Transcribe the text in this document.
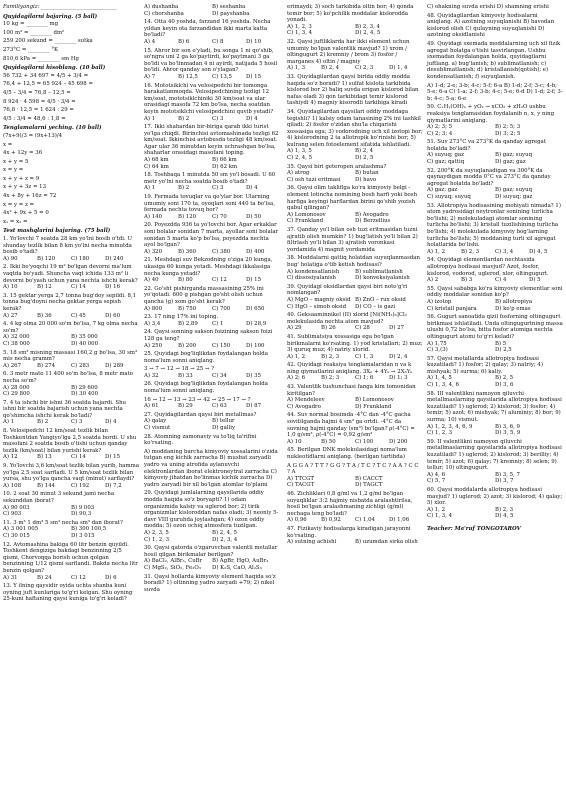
Familiyangiz: ____________________________
Quyidagilarni bajaring. (5 ball)
10 kg = ________ mg
100 m² = ________ dm²
259 200 sekund = ________ sutka
273°C = ________ °K
810,6 kPa = ________ sm Hg
Quyidagilarni hisoblang. (10 ball)
56 732 + 34 697 = 4/5 + 3/4 =
76,4 + 12,5 = 65 924 – 45 698 =
4/5 – 3/4 = 76,8 – 12,5 =
8 924 · 4 598 = 4/5 · 3/4 =
76,8 · 12,5 = 1 624 : 29 =
4/5 : 3/4 = 48,6 : 1,8 =
Tenglamalarni yeching. (10 ball)
(7x+9)/3 = (9x+13)/4
x =
4x + 12y = 36
x + y = 5
x = y =
x + y + z = 9
x + y + 3z = 13
4x + 8y + 16z = 72
x = y = z =
4x² + 9x + 5 = 0
x₁ = x₂ =
Test mashqlarini bajaring. (75 ball)
1. Yo'lovchi 7 soatda 28 km yo'lni bosib o'tdi. U shunday tezlik bilan 8 km yo'lni necha minutda bosib o'tadi?
A) 90	B) 120	C) 180	D) 240
2. Ikki bo'yoqchi 19 m² bo'lgan devorni ma'lum vaqtda bo'yadi. Shuncha vaqt ichida 133 m² li devorni bo'yash uchun yana nechta ishchi kerak?
A) 10	B) 12	C) 14	D) 16
3. 15 gektar yerga 2,7 tonna bug'doy sepildi. 8,1 tonna bug'doyni necha gektar yerga sepish kerak?
A) 27	B) 36	C) 45	D) 60
4. 4 kg olma 20 000 so'm bo'lsa, 7 kg olma necha so'm?
A) 32 000	B) 35 000
C) 38 000	D) 40 000
5. 18 sm³ misning massasi 160,2 g bo'lsa, 30 sm³ mis necha gramm?
A) 267	B) 274	C) 283	D) 289
6. 3 metr mato 11 400 so'm bo'lsa, 8 metr mato necha so'm?
A) 28 000	B) 29 600
C) 29 800	D) 30 400
7. 4 ta ishchi bir ishni 36 soatda bajardi. Shu ishni bir soatda bajarish uchun yana nechta qo'shimcha ishchi kerak bo'ladi?
A) 1	B) 2	C) 3	D) 4
8. Velosipedchi 12 km/soat tezlik bilan Toshkentdan Yangiyo'lga 2,5 soatda bordi. U shu masofani 2 soatda bosib o'tishi uchun qanday tezlik (km/soat) bilan yurishi kerak?
A) 12	B) 13	C) 14	D) 15
9. Yo'lovchi 3,6 km/soat tezlik bilan yurib, hamma yo'lga 2,5 soat sarfladi. U 5 km/soat tezlik bilan yursa, shu yo'lga qancha vaqt (minut) sarflaydi?
A) 108	B) 144	C) 192	D) 7,2
10. 2 soat 30 minut 3 sekund jami necha sekunddan iborat?
A) 90 003	B) 9 003
C) 903	D) 90,3
11. 3 m³ 1 dm³ 5 sm³ necha sm³ dan iborat?
A) 3 001 005	B) 300 100,5
C) 30 015	D) 3 015
12. Avtomashina bakiga 60 litr benzin quyildi. Toshkent dengiziga bakdagi benzinning 2/5 qismi, Chorvoqqa borish uchun qolgan benzinning 1/12 qismi sarflandi. Bakda necha litr benzin qolgan?
A) 31	B) 24	C) 12	D) 6
13. Y ilning qaysidir oyida uchta shanba kuni oyning juft kunlariga to'g'ri kelgan. Shu oyning 25-kuni haftaning qaysi kuniga to'g'ri keladi?
A) dushanba	B) seshanba
C) chorshanba	D) payshanba
14. Otta 40 yoshda, farzand 16 yoshda. Necha yildan keyin ota farzandidan ikki marta katta bo'ladi?
A) 4	B) 6	C) 8	D) 10
15. Ahror bir son o'yladi, bu songa 1 ni qo'shib, so'ngra uni 2 ga ko'paytirdi, ko'paytmani 3 ga bo'ldi va bo'linmadan 4 ni ayirdi, natijada 5 hosil bo'ldi. Ahror qanday son o'ylagan?
A) 7	B) 12,5	C) 13,5	D) 15
16. Mototsiklchi va velosipedchi bir tomonga harakatlanmoqda. Velosipedchining tezligi 12 km/soat, mototsiklchiniki 30 km/soat va ular orasidagi masofa 72 km bo'lsa, necha soatdan keyin mototsiklchi velosipedchini quvib yetadi?
A) 1	B) 2	C) 3	D) 4
17. Ikki shahardan bir-biriga qarab ikki turist yo'lga chiqdi. Birinchisi avtomashinada tezligi 62 km/soat. Ikkinchisi avtobusda tezligi 48 km/soat. Agar ular 36 minutdan keyin uchrashgan bo'lsa, shaharlar orasidagi masofani toping.
A) 68 km	B) 66 km
C) 64 km	D) 62 km
18. Toshbaqa 1 minutda 50 sm yo'l bosadi. U 60 metr yo'lni necha soatda bosib o'tadi?
A) 1	B) 2	C) 3	D) 4
19. Fermada tovuqlar va qo'ylar bor. Ularning umumiy soni 170 ta, oyoqlari soni 440 ta bo'lsa, fermada nechta tovuq bor?
A) 140	B) 120	C) 70	D) 50
20. Poyezdda 936 ta yo'lovchi bor. Agar erkaklar soni bolalar sonidan 7 marta, ayollar soni bolalar sonidan 5 marta ko'p bo'lsa, poyezdda nechta ayol bo'lgan?
A) 320	B) 360	C) 380	D) 400
21. Meshdagi suv Bekzodning o'ziga 20 kunga, ukasiga 60 kunga yetadi. Meshdagi ikkalasiga necha kunga yetadi?
A) 40	B) 80	C) 12	D) 15
22. Go'sht pishirganda massasining 25% ini yo'qotadi. 600 g pishgan go'sht olish uchun qancha (g) xom go'sht kerak?
A) 800	B) 750	C) 700	D) 650
23. 17 ning 17% ini toping.
A) 3,4	B) 2,89	C) 1	D) 28,9
24. Qaysi sonning sakson foizining sakson foizi 128 ga teng?
A) 250	B) 200	C) 150	D) 100
25. Quyidagi bog'liqlikdan foydalangan holda noma'lum sonni aniqlang.
3 → 7 → 12 → 18 → 25 → ?
A) 32	B) 33	C) 34	D) 35
26. Quyidagi bog'liqlikdan foydalangan holda noma'lum sonni aniqlang.
16 → 12 → 13 → 23 → 42 → 25 → 17 → ?
A) 61	B) 29	C) 63	D) 87
27. Quyidagilardan qaysi biri metallmas?
A) qalay	B) tellur
C) vismut	D) galliy
28. Atomning zamonaviy va to'liq ta'rifini ko'rsating.
A) moddaning barcha kimyoviy xossalarini o'zida tutgan eng kichik zarracha B) musbat zaryadli yadro va uning atrofida aylanuvchi elektronlardan iborat elektroneytral zarracha C) kimyoviy jihatdan bo'linmas kichik zarracha D) yadro zaryadi bir xil bo'lgan atomlar to'plami
29. Quyidagi jumlalarning qaysilarida oddiy modda haqida so'z boryapti? 1) odam organizmida kalsiy va uglerod bor; 2) tirik organizmlar kisloroddan nafas oladi; 3) neonly 5-davr VIII guruhda joylashgan; 4) ozon oddiy modda; 5) ozon ochiq atmosfera tuzilgan.
A) 2, 3, 5	B) 2, 4, 5
C) 1, 2, 3	D) 2, 3, 4
30. Qaysi qatorda o'zgaruvchan valentli metallar hosil qilgan birikmalar berilgan?
A) BaCl₂, AlBr₃, CuBr	B) AgBr, HgO, AuBr₃
C) MgS₂, SiO₂, Fe₂O₃	D) K₂S, CaO, Al₂S₃
31. Qaysi hollarda kimyoviy element haqida so'z boradi? 1) oltinning yadro zaryadi +79; 2) nikel suvda
erimaydi; 3) soch tarkibida oltin bor; 4) qonda temir bor; 5) ko'pchilik moddalar kislorodda yonadi.
A) 1, 2, 3	B) 2, 3, 4
C) 1, 3, 4	D) 2, 4, 5
32. Qaysi juftliklarda har ikki element uchun umumiy bo'lgan valentlik mavjud? 1) xrom / oltingugurt 2) kremniy / brom 3) fosfor / marganes 4) oltin / magniy
A) 1, 3	B) 2, 4	C) 2, 3	D) 1, 4
33. Quyidagilardan qaysi birida oddiy modda haqida so'z boradi? 1) sulfat kislota tarkibida kislorod bor 2) baliq suvda erigan kislorod bilan nafas oladi 3) qon tarkibidagi temir kislorod tashiydi 4) magniy kisorodli tarkibiga kiradi
34. Quyidagilardan qaysilari oddiy moddaga tegishli? 1) kalsiy odam tanasining 2% ini tashkil qiladi; 2) fosfor o'zidan shu'la chiqarishi xossasiga ega; 3) vodorodning uch xil izotopi bor; 4) kislorodning 2 ta allotropik ko'rinishi bor; 5) kulrang selen fotoelement sifatida ishlatiladi.
A) 1, 3, 5	B) 2, 4
C) 2, 4, 5	D) 2, 5
35. Qaysi biri geteropen aralashma?
A) atrog	B) butan
C) osh tuzi eritmasi	D) havo
36. Qaysi olim takliflga ko'ra kimyoviy belgi - element lotincha nomining bosh harfi yoki bosh harfiga keyingi harflardan birini qo'shib yozish qabul qilingan?
A) Lomonosov	B) Avogadro
C) Frankland	D) Berzellius
37. Qanday yo'l bilan osh tuzi eritmasidan tuzni ajratib olish mumkin? 1) bug'latish yo'li bilan 2) filtrlash yo'li bilan 3) ajratish voronkasi yordamida 4) magnit yordamida
38. Moddalarni qattiq holatdan suyuqlanmasdan bug' holatiga o'tib ketish hodisasi?
A) kondensatlanish	B) sublimatlanish
C) dissosiyalanish	D) konveksiyalanish
39. Quyidagi oksidlardan qaysi biri noto'g'ri nomlangan?
A) MgO – magniy oksid B) ZnO – rux oksid
C) HgO – simob oksid	D) CO – is gazi
40. Geksaaminnikel (II) xlorid [Ni(NH₃)₆]Cl₂ molekulasida nechta atom mavjud?
A) 29	B) 26	C) 28	D) 27
41. Sublimatsiya xossasiga ega bo'lgan birikmalarni ko'rsating. 1) yod kristallari; 2) muz; 3) quruq muz; 4) natriy xlorid.
A) 1, 2	B) 2, 3	C) 1, 3	D) 2, 4
42. Quyidagi reaksiya tenglamalaridan n va k ning qiymatlarini aniqlang. 3Xₙ + 4Yₖ → 2X₃Yₙ
A) 2; 6	B) 2; 3	C) 1; 6	D) 1; 3
43. Valentlik tushunchasi fanga kim tomonidan kiritilgan?
A) Mendeleev	B) Lomonosov
C) Avogadro	D) Frankland
44. Suv normal bosimda -4°C dan -4°C gacha sovitilganda hajmi 4 sm³ ga ortdi. -4°C da suvning hajmi qanday (sm³) bo'lgan? ρ(-4°C) = 1,0 g/sm³, ρ(-4°C) = 0,92 g/sm³
A) 10	B) 50	C) 100	D) 200
45. Berilgan DNK molekulasidagi noma'lum nukleotidlarni aniqlang. (berilgan tartibda)
A G G A ? T T ? G G ? T A / T C ? T C ? A A ? C C ? A
A) TTCGT	B) CACCT
C) TACGT	D) TAGCT
46. Zichliklari 0,8 g/ml va 1,2 g/ml bo'lgan suyuqliklar 3:2 hajmiy nisbatda aralashtirilsa, hosil bo'lgan aralashmaning zichligi (g/ml) nechaga teng bo'ladi?
A) 0,96	B) 0,92	C) 1,04	D) 1,06
47. Fizikaviy hodisalarga kiradigan jarayonni ko'rsating.
A) sutning achishi	B) uzumdan sirka olish
C) ohakning suvda erishi D) shamning erishi
48. Quyidagilardan kimyoviy hodisalarni aniqlang. A) azotning suyuqlanishi B) havodan kislorod olish C) qulayning suyuqlanishi D) azotning oksidlanishi
49. Quyidagi sxemada moddalarning uch xil fizik agregat holatga o'tishi tasvirlangan. Ushbu sxemadan foydalangan holda, quyidagilarni juftlang. a) bug'lanish; b) sublimatlanish; c) desublimatlanish; d) kristallanish(qotish); e) kondensatlanish; f) suyuqlanish.
A) 1-d; 2-e; 3-b; 4-c; 5-f; 6-a B) 1-d; 2-f; 3-c; 4-b; 5-e; 6-a C) 1-a; 2-f; 3-b; 4-c; 5-e; 6-d D) 1-d; 2-f; 3-b; 4-c; 5-a; 6-e
50. CₓHᵧ(OH)ₙ + yO₂ → xCO₂ + zH₂O ushbu reaksiya tenglamasidan foydalanib n, x, y ning qiymatlarini aniqlang.
A) 2; 3; 5	B) 2; 5; 3
C) 2; 3; 4	D) 3; 2; 5
51. Suv 273°C va 273°K da qanday agregat holatda bo'ladi?
A) suyuq; gaz	B) gaz; suyuq
C) gaz; qattiq	D) gaz; gaz
52. 200°K da suyuqlanadigan va 300°K da qaynaydigan modda 0°C va 273°C da qanday agregat holatda bo'ladi?
A) gaz; gaz	B) gaz; suyuq
C) suyuq; suyuq	D) suyuq; gaz
53. Allotropiya hodisasining mohiyati nimada? 1) atom yadrosidagi neytronlar sonining turlicha bo'lishi; 2) molekuladagi atomlar sonining turlicha bo'lishi; 3) kristall tuzilishining turlicha bo'lishi; 4) molekulada kimyoviy bog'larning turlicha bo'lishi; 5) moddaning turli xil agregat holatlarida bo'lishi.
A) 1, 2	B) 2, 3	C) 3, 4	D) 4, 5
54. Quyidagi elementlardan nechtasida allotropiya hodisasi mavjud? Azot, fosfor, kislorod, vodorod, uglerod, xlor, oltingugurt.
A) 2	B) 3	C) 4	D) 5
55. Qaysi sababga ko'ra kimyoviy elementlar soni oddiy moddalar sonidan ko'p?
A) izotop	B) allotropiya
C) kristall panjara	D) ko'p emas
56. Gugurt sanoatida qizil fosforning oltingugurt birikmasi ishlatiladi. Unda oltingugurtning massa ulushi 0,72 bo'lsa, bitta fosfor atomiga nechta oltingugurt atomi to'g'ri keladi?
A) 1,75	B) 5
C) 3,(3)	D) 2,5
57. Qaysi metallarda allotropiya hodisasi kuzatiladi? 1) fosfor; 2) qalay; 3) natriy; 4) mishyak; 5) surma; 6) kaliy.
A) 1, 4, 5	B) 2, 5
C) 1, 3, 4, 6	D) 3, 6
58. III valentlikni namoyon qiluvchi metallmaslarning qaysilarida allotropiya hodisasi kuzatiladi? 1) uglerod; 2) kislorod; 3) fosfor; 4) temir; 5) azot; 6) mishyak; 7) aluminiy; 8) bor; 9) surma; 10) vismut.
A) 1, 2, 3, 4, 6, 9	B) 3, 6, 9
C) 1, 2, 3	D) 3, 5, 9
59. II valentlikni namoyon qiluvchi metallmaslarning qaysilarida allotropiya hodisasi kuzatiladi? 1) uglerod; 2) kislorod; 3) berilliy; 4) temir; 5) azot; 6) qalay; 7) kremniy; 8) selen; 9) tellur; 10) oltingugurt.
A) 4, 6	B) 3, 5, 7
C) 5, 7	D) 3, 7
60. Qaysi moddalarda allotropiya hodisasi mavjud? 1) uglerod; 2) azot; 3) kislorod; 4) qalay; 5) xlor.
A) 1, 2	B) 2, 3
C) 1, 3, 4	D) 4, 5
Teacher: Ma'ruf TONGOTAROV
